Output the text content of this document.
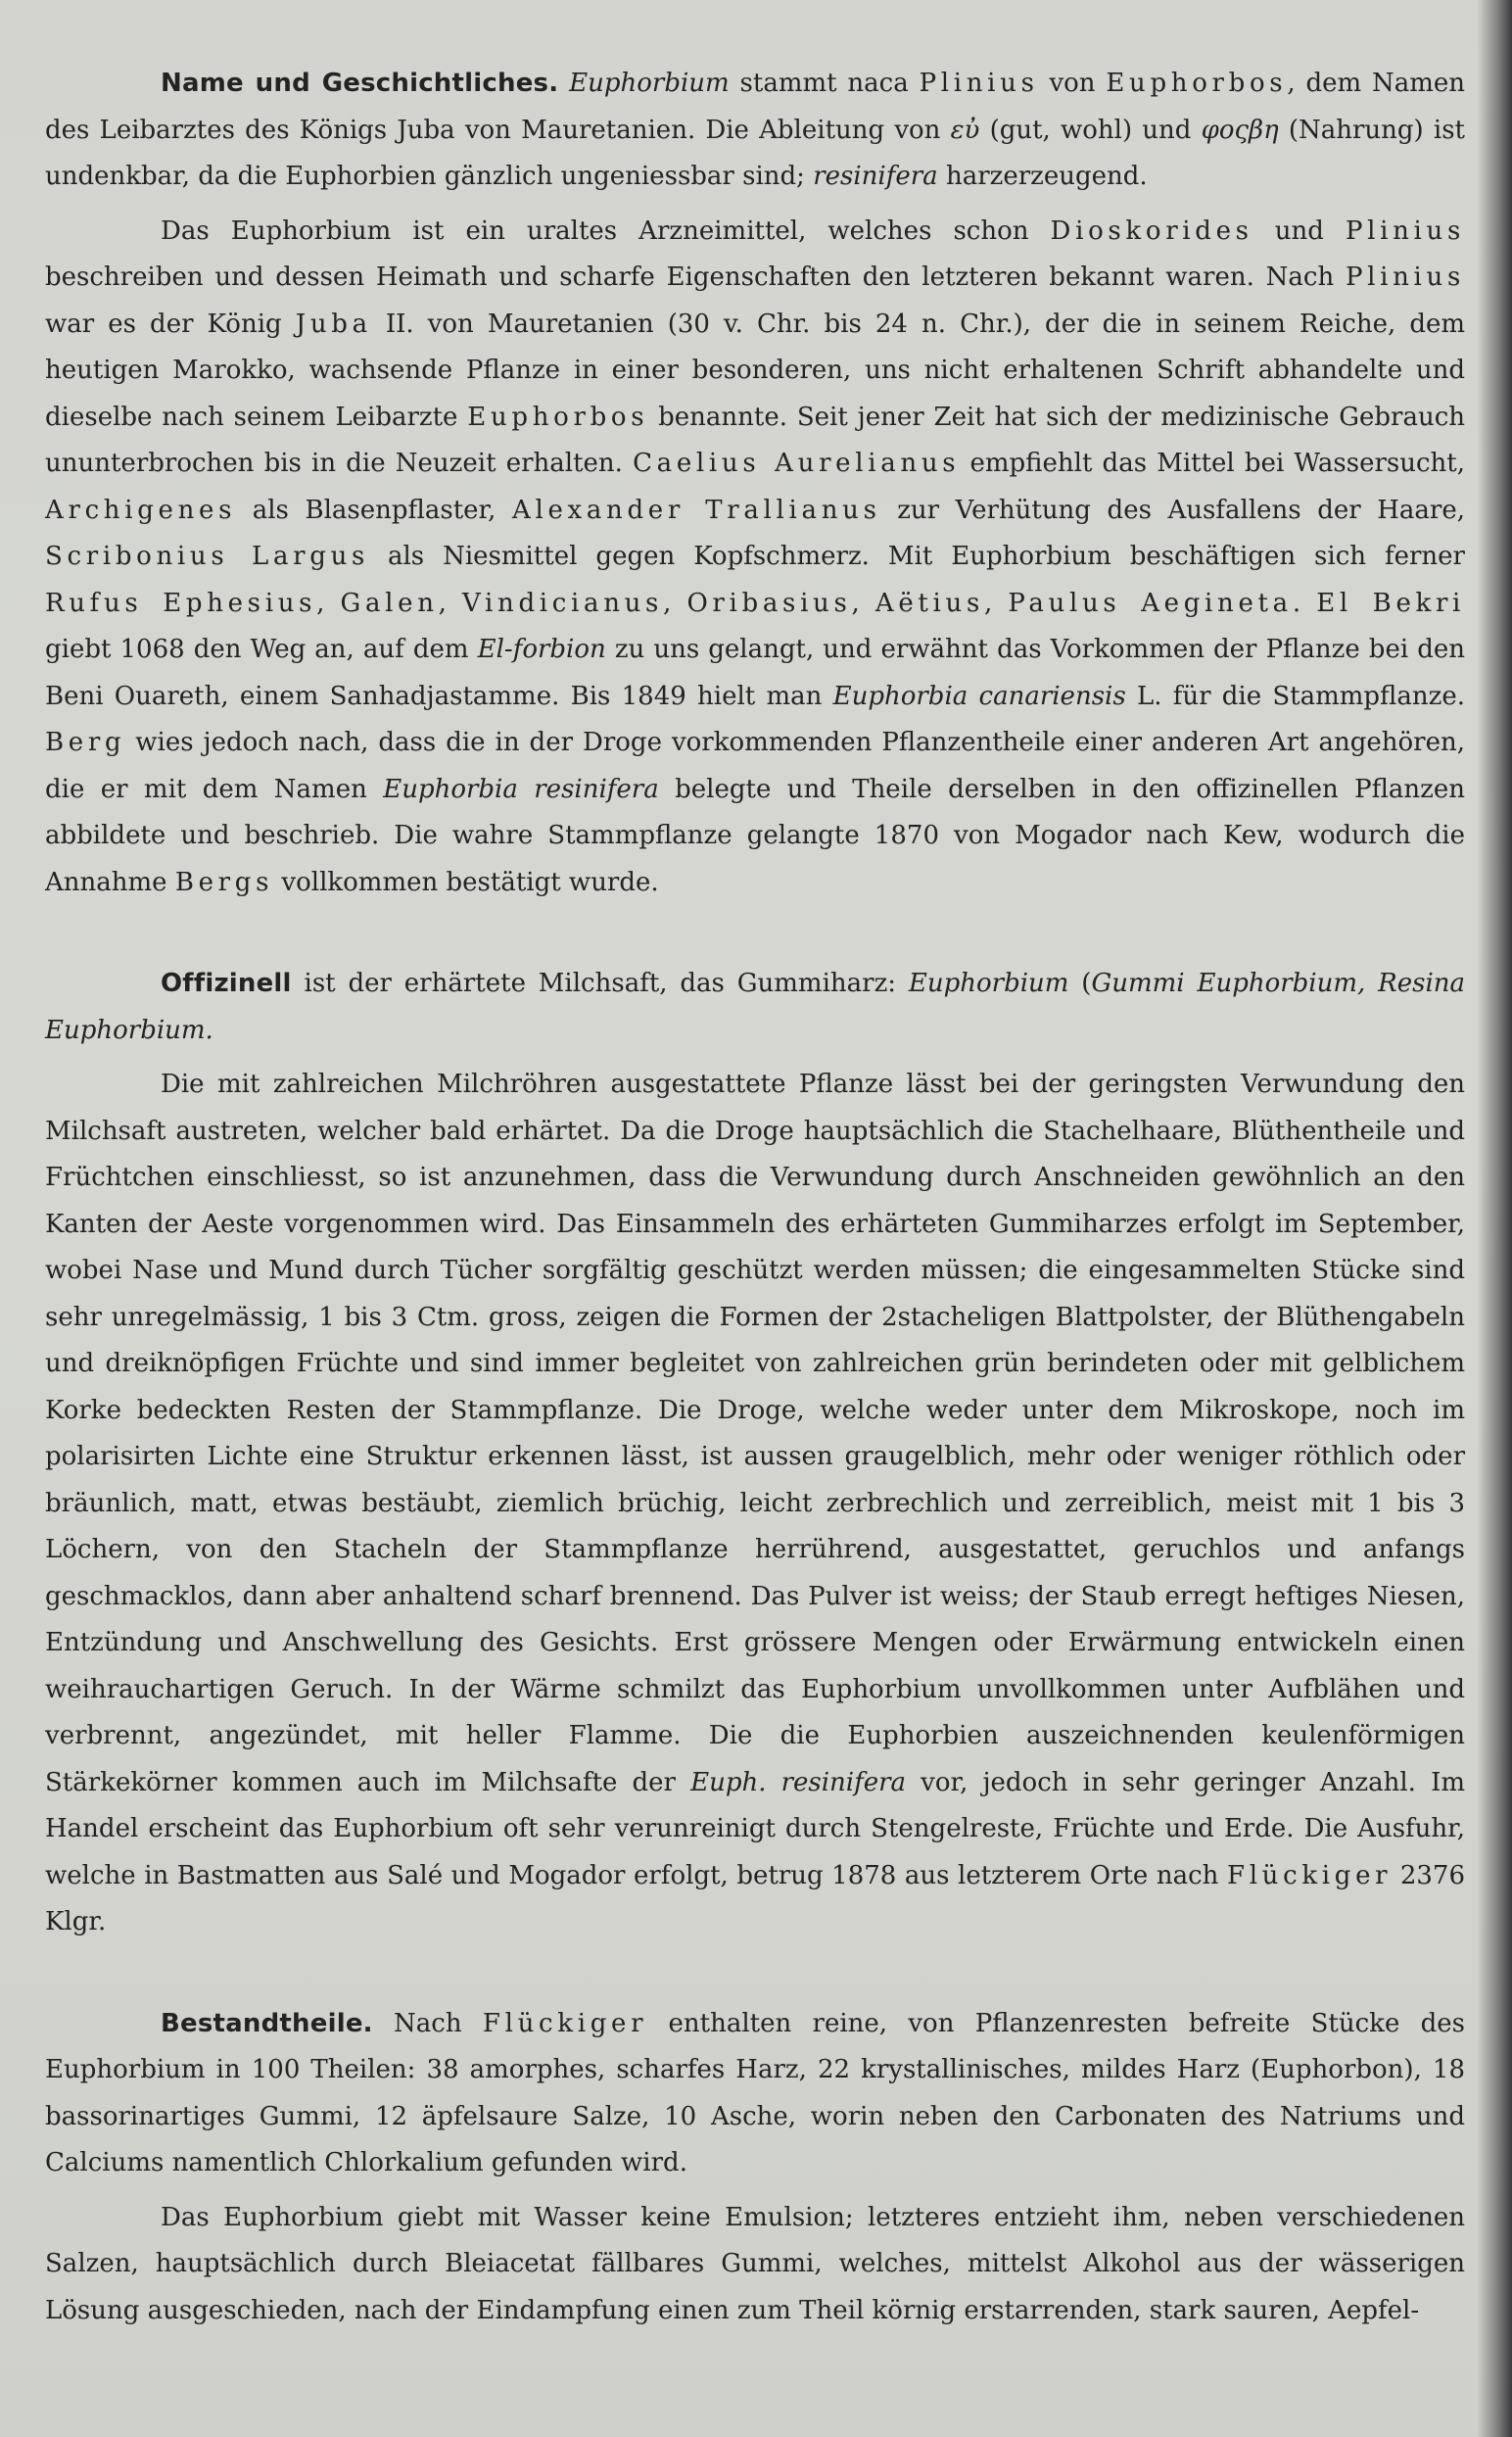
Name und Geschichtliches. Euphorbium stammt naca Plinius von Euphorbos, dem Namen des Leibarztes des Königs Juba von Mauretanien. Die Ableitung von εὐ (gut, wohl) und φοςβη (Nahrung) ist undenkbar, da die Euphorbien gänzlich ungeniessbar sind; resinifera harzerzeugend.

Das Euphorbium ist ein uraltes Arzneimittel, welches schon Dioskorides und Plinius beschreiben und dessen Heimath und scharfe Eigenschaften den letzteren bekannt waren. Nach Plinius war es der König Juba II. von Mauretanien (30 v. Chr. bis 24 n. Chr.), der die in seinem Reiche, dem heutigen Marokko, wachsende Pflanze in einer besonderen, uns nicht erhaltenen Schrift abhandelte und dieselbe nach seinem Leibarzte Euphorbos benannte. Seit jener Zeit hat sich der medizinische Gebrauch ununterbrochen bis in die Neuzeit erhalten. Caelius Aurelianus empfiehlt das Mittel bei Wassersucht, Archigenes als Blasenpflaster, Alexander Trallianus zur Verhütung des Ausfallens der Haare, Scribonius Largus als Niesmittel gegen Kopfschmerz. Mit Euphorbium beschäftigen sich ferner Rufus Ephesius, Galen, Vindicianus, Oribasius, Aëtius, Paulus Aegineta. El Bekri giebt 1068 den Weg an, auf dem El-forbion zu uns gelangt, und erwähnt das Vorkommen der Pflanze bei den Beni Ouareth, einem Sanhadjastamme. Bis 1849 hielt man Euphorbia canariensis L. für die Stammpflanze. Berg wies jedoch nach, dass die in der Droge vorkommenden Pflanzentheile einer anderen Art angehören, die er mit dem Namen Euphorbia resinifera belegte und Theile derselben in den offizinellen Pflanzen abbildete und beschrieb. Die wahre Stammpflanze gelangte 1870 von Mogador nach Kew, wodurch die Annahme Bergs vollkommen bestätigt wurde.

Offizinell ist der erhärtete Milchsaft, das Gummiharz: Euphorbium (Gummi Euphorbium, Resina Euphorbium.

Die mit zahlreichen Milchröhren ausgestattete Pflanze lässt bei der geringsten Verwundung den Milchsaft austreten, welcher bald erhärtet. Da die Droge hauptsächlich die Stachelhaare, Blüthentheile und Früchtchen einschliesst, so ist anzunehmen, dass die Verwundung durch Anschneiden gewöhnlich an den Kanten der Aeste vorgenommen wird. Das Einsammeln des erhärteten Gummiharzes erfolgt im September, wobei Nase und Mund durch Tücher sorgfältig geschützt werden müssen; die eingesammelten Stücke sind sehr unregelmässig, 1 bis 3 Ctm. gross, zeigen die Formen der 2stacheligen Blattpolster, der Blüthengabeln und dreiknöpfigen Früchte und sind immer begleitet von zahlreichen grün berindeten oder mit gelblichem Korke bedeckten Resten der Stammpflanze. Die Droge, welche weder unter dem Mikroskope, noch im polarisirten Lichte eine Struktur erkennen lässt, ist aussen graugelblich, mehr oder weniger röthlich oder bräunlich, matt, etwas bestäubt, ziemlich brüchig, leicht zerbrechlich und zerreiblich, meist mit 1 bis 3 Löchern, von den Stacheln der Stammpflanze herrührend, ausgestattet, geruchlos und anfangs geschmacklos, dann aber anhaltend scharf brennend. Das Pulver ist weiss; der Staub erregt heftiges Niesen, Entzündung und Anschwellung des Gesichts. Erst grössere Mengen oder Erwärmung entwickeln einen weihrauchartigen Geruch. In der Wärme schmilzt das Euphorbium unvollkommen unter Aufblähen und verbrennt, angezündet, mit heller Flamme. Die die Euphorbien auszeichnenden keulenförmigen Stärkekörner kommen auch im Milchsafte der Euph. resinifera vor, jedoch in sehr geringer Anzahl. Im Handel erscheint das Euphorbium oft sehr verunreinigt durch Stengelreste, Früchte und Erde. Die Ausfuhr, welche in Bastmatten aus Salé und Mogador erfolgt, betrug 1878 aus letzterem Orte nach Flückiger 2376 Klgr.

Bestandtheile. Nach Flückiger enthalten reine, von Pflanzenresten befreite Stücke des Euphorbium in 100 Theilen: 38 amorphes, scharfes Harz, 22 krystallinisches, mildes Harz (Euphorbon), 18 bassorinartiges Gummi, 12 äpfelsaure Salze, 10 Asche, worin neben den Carbonaten des Natriums und Calciums namentlich Chlorkalium gefunden wird.

Das Euphorbium giebt mit Wasser keine Emulsion; letzteres entzieht ihm, neben verschiedenen Salzen, hauptsächlich durch Bleiacetat fällbares Gummi, welches, mittelst Alkohol aus der wässerigen Lösung ausgeschieden, nach der Eindampfung einen zum Theil körnig erstarrenden, stark sauren, Aepfel-
